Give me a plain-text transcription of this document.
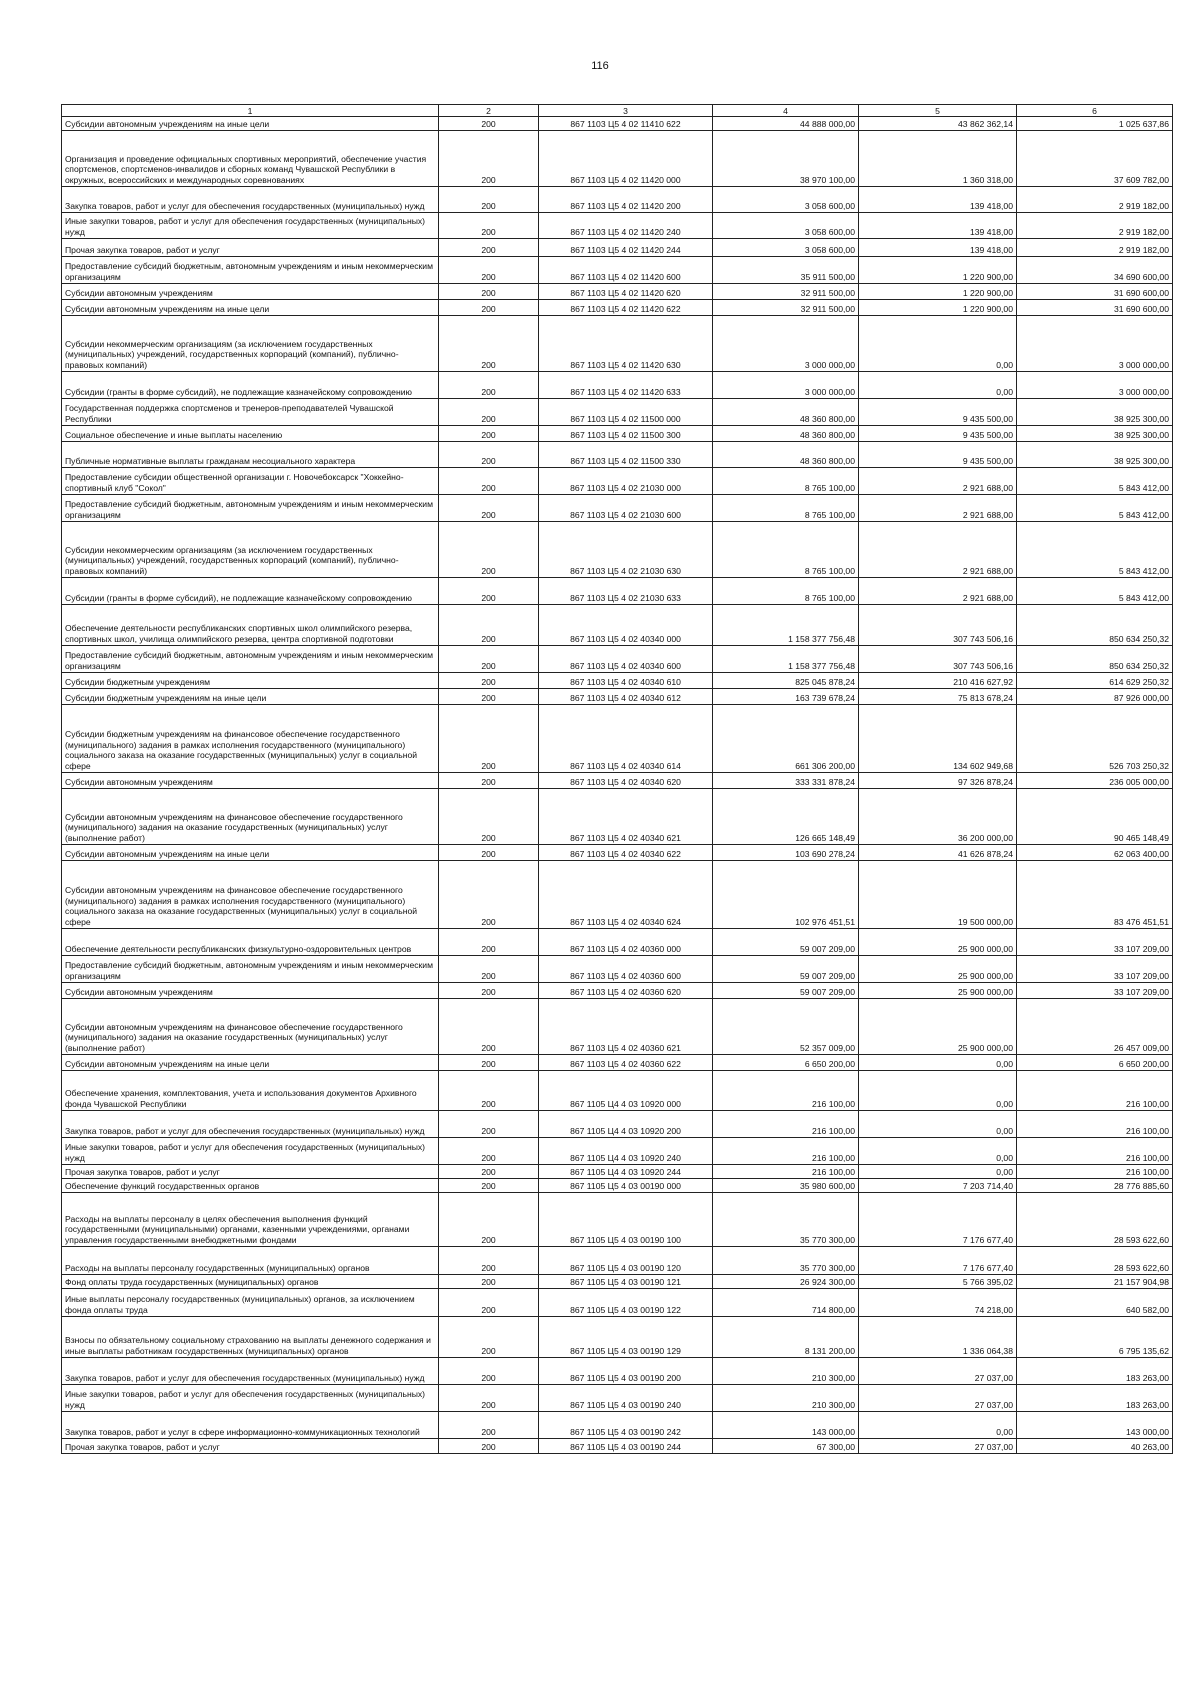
116
1	2	3	4	5	6
Субсидии автономным учреждениям на иные цели	200	867 1103 Ц5 4 02 11410 622	44 888 000,00	43 862 362,14	1 025 637,86
Организация и проведение официальных спортивных мероприятий, обеспечение участия спортсменов, спортсменов-инвалидов и сборных команд Чувашской Республики в окружных, всероссийских и международных соревнованиях	200	867 1103 Ц5 4 02 11420 000	38 970 100,00	1 360 318,00	37 609 782,00
Закупка товаров, работ и услуг для обеспечения государственных (муниципальных) нужд	200	867 1103 Ц5 4 02 11420 200	3 058 600,00	139 418,00	2 919 182,00
Иные закупки товаров, работ и услуг для обеспечения государственных (муниципальных) нужд	200	867 1103 Ц5 4 02 11420 240	3 058 600,00	139 418,00	2 919 182,00
Прочая закупка товаров, работ и услуг	200	867 1103 Ц5 4 02 11420 244	3 058 600,00	139 418,00	2 919 182,00
Предоставление субсидий бюджетным, автономным учреждениям и иным некоммерческим организациям	200	867 1103 Ц5 4 02 11420 600	35 911 500,00	1 220 900,00	34 690 600,00
Субсидии автономным учреждениям	200	867 1103 Ц5 4 02 11420 620	32 911 500,00	1 220 900,00	31 690 600,00
Субсидии автономным учреждениям на иные цели	200	867 1103 Ц5 4 02 11420 622	32 911 500,00	1 220 900,00	31 690 600,00
Субсидии некоммерческим организациям (за исключением государственных (муниципальных) учреждений, государственных корпораций (компаний), публично-правовых компаний)	200	867 1103 Ц5 4 02 11420 630	3 000 000,00	0,00	3 000 000,00
Субсидии (гранты в форме субсидий), не подлежащие казначейскому сопровождению	200	867 1103 Ц5 4 02 11420 633	3 000 000,00	0,00	3 000 000,00
Государственная поддержка спортсменов и тренеров-преподавателей Чувашской Республики	200	867 1103 Ц5 4 02 11500 000	48 360 800,00	9 435 500,00	38 925 300,00
Социальное обеспечение и иные выплаты населению	200	867 1103 Ц5 4 02 11500 300	48 360 800,00	9 435 500,00	38 925 300,00
Публичные нормативные выплаты гражданам несоциального характера	200	867 1103 Ц5 4 02 11500 330	48 360 800,00	9 435 500,00	38 925 300,00
Предоставление субсидии общественной организации г. Новочебоксарск "Хоккейно-спортивный клуб "Сокол"	200	867 1103 Ц5 4 02 21030 000	8 765 100,00	2 921 688,00	5 843 412,00
Предоставление субсидий бюджетным, автономным учреждениям и иным некоммерческим организациям	200	867 1103 Ц5 4 02 21030 600	8 765 100,00	2 921 688,00	5 843 412,00
Субсидии некоммерческим организациям (за исключением государственных (муниципальных) учреждений, государственных корпораций (компаний), публично-правовых компаний)	200	867 1103 Ц5 4 02 21030 630	8 765 100,00	2 921 688,00	5 843 412,00
Субсидии (гранты в форме субсидий), не подлежащие казначейскому сопровождению	200	867 1103 Ц5 4 02 21030 633	8 765 100,00	2 921 688,00	5 843 412,00
Обеспечение деятельности республиканских спортивных школ олимпийского резерва, спортивных школ, училища олимпийского резерва, центра спортивной подготовки	200	867 1103 Ц5 4 02 40340 000	1 158 377 756,48	307 743 506,16	850 634 250,32
Предоставление субсидий бюджетным, автономным учреждениям и иным некоммерческим организациям	200	867 1103 Ц5 4 02 40340 600	1 158 377 756,48	307 743 506,16	850 634 250,32
Субсидии бюджетным учреждениям	200	867 1103 Ц5 4 02 40340 610	825 045 878,24	210 416 627,92	614 629 250,32
Субсидии бюджетным учреждениям на иные цели	200	867 1103 Ц5 4 02 40340 612	163 739 678,24	75 813 678,24	87 926 000,00
Субсидии бюджетным учреждениям на финансовое обеспечение государственного (муниципального) задания в рамках исполнения государственного (муниципального) социального заказа на оказание государственных (муниципальных) услуг в социальной сфере	200	867 1103 Ц5 4 02 40340 614	661 306 200,00	134 602 949,68	526 703 250,32
Субсидии автономным учреждениям	200	867 1103 Ц5 4 02 40340 620	333 331 878,24	97 326 878,24	236 005 000,00
Субсидии автономным учреждениям на финансовое обеспечение государственного (муниципального) задания на оказание государственных (муниципальных) услуг (выполнение работ)	200	867 1103 Ц5 4 02 40340 621	126 665 148,49	36 200 000,00	90 465 148,49
Субсидии автономным учреждениям на иные цели	200	867 1103 Ц5 4 02 40340 622	103 690 278,24	41 626 878,24	62 063 400,00
Субсидии автономным учреждениям на финансовое обеспечение государственного (муниципального) задания в рамках исполнения государственного (муниципального) социального заказа на оказание государственных (муниципальных) услуг в социальной сфере	200	867 1103 Ц5 4 02 40340 624	102 976 451,51	19 500 000,00	83 476 451,51
Обеспечение деятельности республиканских физкультурно-оздоровительных центров	200	867 1103 Ц5 4 02 40360 000	59 007 209,00	25 900 000,00	33 107 209,00
Предоставление субсидий бюджетным, автономным учреждениям и иным некоммерческим организациям	200	867 1103 Ц5 4 02 40360 600	59 007 209,00	25 900 000,00	33 107 209,00
Субсидии автономным учреждениям	200	867 1103 Ц5 4 02 40360 620	59 007 209,00	25 900 000,00	33 107 209,00
Субсидии автономным учреждениям на финансовое обеспечение государственного (муниципального) задания на оказание государственных (муниципальных) услуг (выполнение работ)	200	867 1103 Ц5 4 02 40360 621	52 357 009,00	25 900 000,00	26 457 009,00
Субсидии автономным учреждениям на иные цели	200	867 1103 Ц5 4 02 40360 622	6 650 200,00	0,00	6 650 200,00
Обеспечение хранения, комплектования, учета и использования документов Архивного фонда Чувашской Республики	200	867 1105 Ц4 4 03 10920 000	216 100,00	0,00	216 100,00
Закупка товаров, работ и услуг для обеспечения государственных (муниципальных) нужд	200	867 1105 Ц4 4 03 10920 200	216 100,00	0,00	216 100,00
Иные закупки товаров, работ и услуг для обеспечения государственных (муниципальных) нужд	200	867 1105 Ц4 4 03 10920 240	216 100,00	0,00	216 100,00
Прочая закупка товаров, работ и услуг	200	867 1105 Ц4 4 03 10920 244	216 100,00	0,00	216 100,00
Обеспечение функций государственных органов	200	867 1105 Ц5 4 03 00190 000	35 980 600,00	7 203 714,40	28 776 885,60
Расходы на выплаты персоналу в целях обеспечения выполнения функций государственными (муниципальными) органами, казенными учреждениями, органами управления государственными внебюджетными фондами	200	867 1105 Ц5 4 03 00190 100	35 770 300,00	7 176 677,40	28 593 622,60
Расходы на выплаты персоналу государственных (муниципальных) органов	200	867 1105 Ц5 4 03 00190 120	35 770 300,00	7 176 677,40	28 593 622,60
Фонд оплаты труда государственных (муниципальных) органов	200	867 1105 Ц5 4 03 00190 121	26 924 300,00	5 766 395,02	21 157 904,98
Иные выплаты персоналу государственных (муниципальных) органов, за исключением фонда оплаты труда	200	867 1105 Ц5 4 03 00190 122	714 800,00	74 218,00	640 582,00
Взносы по обязательному социальному страхованию на выплаты денежного содержания и иные выплаты работникам государственных (муниципальных) органов	200	867 1105 Ц5 4 03 00190 129	8 131 200,00	1 336 064,38	6 795 135,62
Закупка товаров, работ и услуг для обеспечения государственных (муниципальных) нужд	200	867 1105 Ц5 4 03 00190 200	210 300,00	27 037,00	183 263,00
Иные закупки товаров, работ и услуг для обеспечения государственных (муниципальных) нужд	200	867 1105 Ц5 4 03 00190 240	210 300,00	27 037,00	183 263,00
Закупка товаров, работ и услуг в сфере информационно-коммуникационных технологий	200	867 1105 Ц5 4 03 00190 242	143 000,00	0,00	143 000,00
Прочая закупка товаров, работ и услуг	200	867 1105 Ц5 4 03 00190 244	67 300,00	27 037,00	40 263,00
